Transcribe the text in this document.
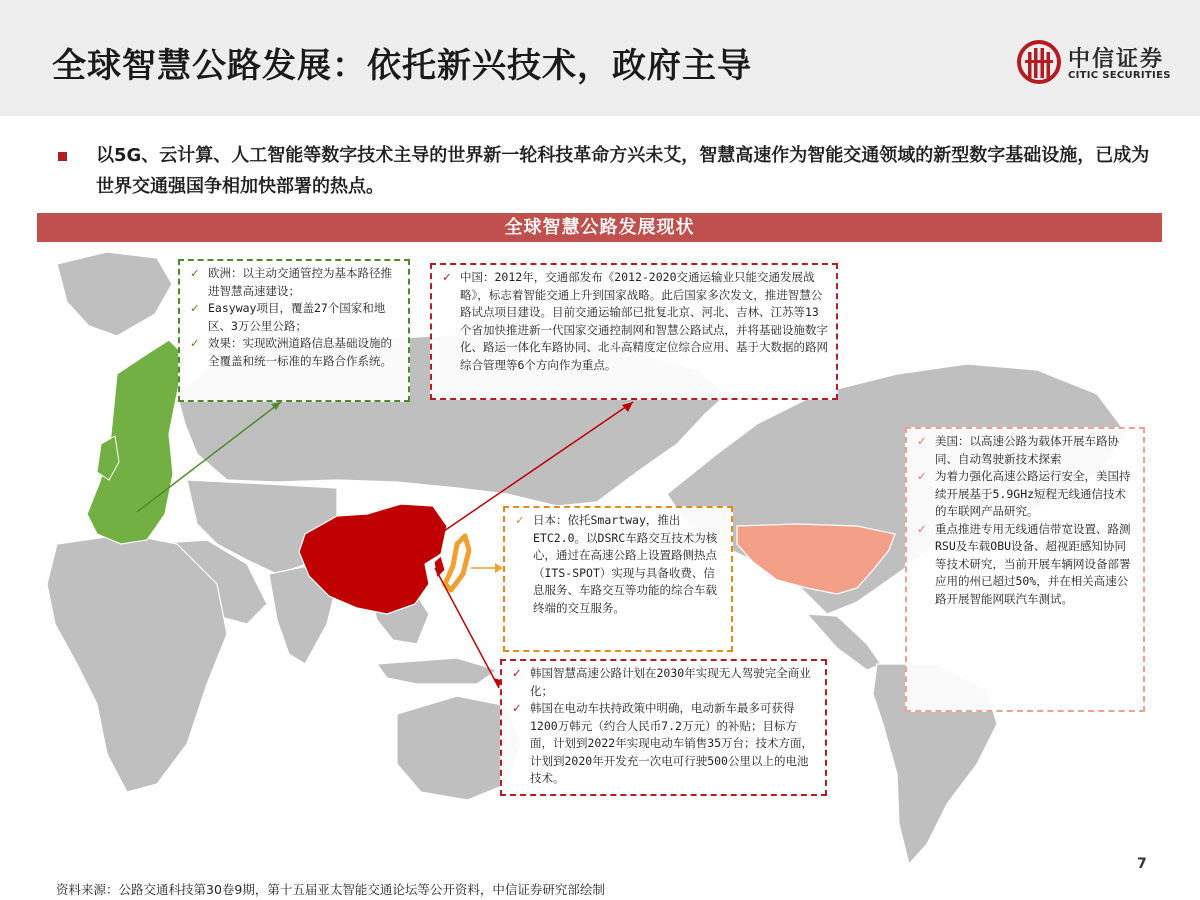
全球智慧公路发展：依托新兴技术，政府主导	中信证券
CITIC SECURITIES
以5G、云计算、人工智能等数字技术主导的世界新一轮科技革命方兴未艾，智慧高速作为智能交通领域的新型数字基础设施，已成为世界交通强国争相加快部署的热点。
全球智慧公路发展现状
✓ 欧洲：以主动交通管控为基本路径推进智慧高速建设；
✓ Easyway项目，覆盖27个国家和地区、3万公里公路；
✓ 效果：实现欧洲道路信息基础设施的全覆盖和统一标准的车路合作系统。
✓ 中国：2012年，交通部发布《2012-2020交通运输业只能交通发展战略》，标志着智能交通上升到国家战略。此后国家多次发文，推进智慧公路试点项目建设。目前交通运输部已批复北京、河北、吉林、江苏等13个省加快推进新一代国家交通控制网和智慧公路试点，并将基础设施数字化、路运一体化车路协同、北斗高精度定位综合应用、基于大数据的路网综合管理等6个方向作为重点。
✓ 日本：依托Smartway，推出ETC2.0。以DSRC车路交互技术为核心，通过在高速公路上设置路侧热点（ITS-SPOT）实现与具备收费、信息服务、车路交互等功能的综合车载终端的交互服务。
✓ 韩国智慧高速公路计划在2030年实现无人驾驶完全商业化；
✓ 韩国在电动车扶持政策中明确，电动新车最多可获得1200万韩元（约合人民币7.2万元）的补贴；目标方面，计划到2022年实现电动车销售35万台；技术方面，计划到2020年开发充一次电可行驶500公里以上的电池技术。
✓ 美国：以高速公路为载体开展车路协同、自动驾驶新技术探索
✓ 为着力强化高速公路运行安全，美国持续开展基于5.9GHz短程无线通信技术的车联网产品研究。
✓ 重点推进专用无线通信带宽设置、路测RSU及车载OBU设备、超视距感知协同等技术研究，当前开展车辆网设备部署应用的州已超过50%，并在相关高速公路开展智能网联汽车测试。
7
资料来源：公路交通科技第30卷9期，第十五届亚太智能交通论坛等公开资料，中信证券研究部绘制
